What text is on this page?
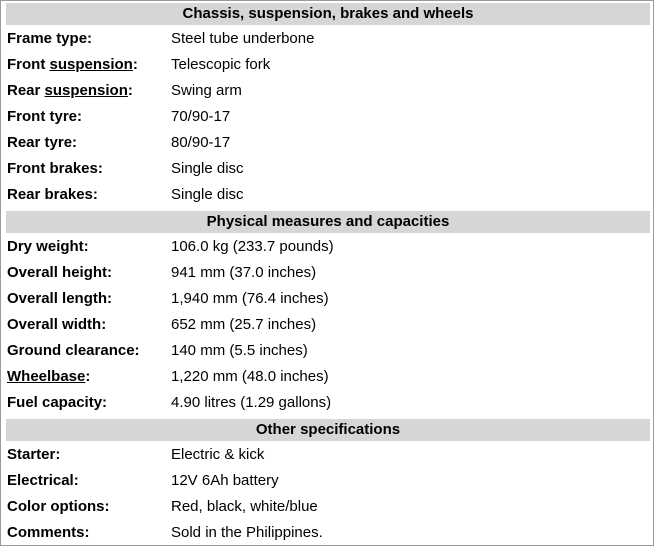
Chassis, suspension, brakes and wheels
Frame type:	Steel tube underbone
Front suspension: Telescopic fork
Rear suspension:	Swing arm
Front tyre:	70/90-17
Rear tyre:	80/90-17
Front brakes:	Single disc
Rear brakes:	Single disc
Physical measures and capacities
Dry weight:	106.0 kg (233.7 pounds)
Overall height:	941 mm (37.0 inches)
Overall length:	1,940 mm (76.4 inches)
Overall width:	652 mm (25.7 inches)
Ground clearance: 140 mm (5.5 inches)
Wheelbase:	1,220 mm (48.0 inches)
Fuel capacity:	4.90 litres (1.29 gallons)
Other specifications
Starter:	Electric & kick
Electrical:	12V 6Ah battery
Color options:	Red, black, white/blue
Comments:	Sold in the Philippines.
